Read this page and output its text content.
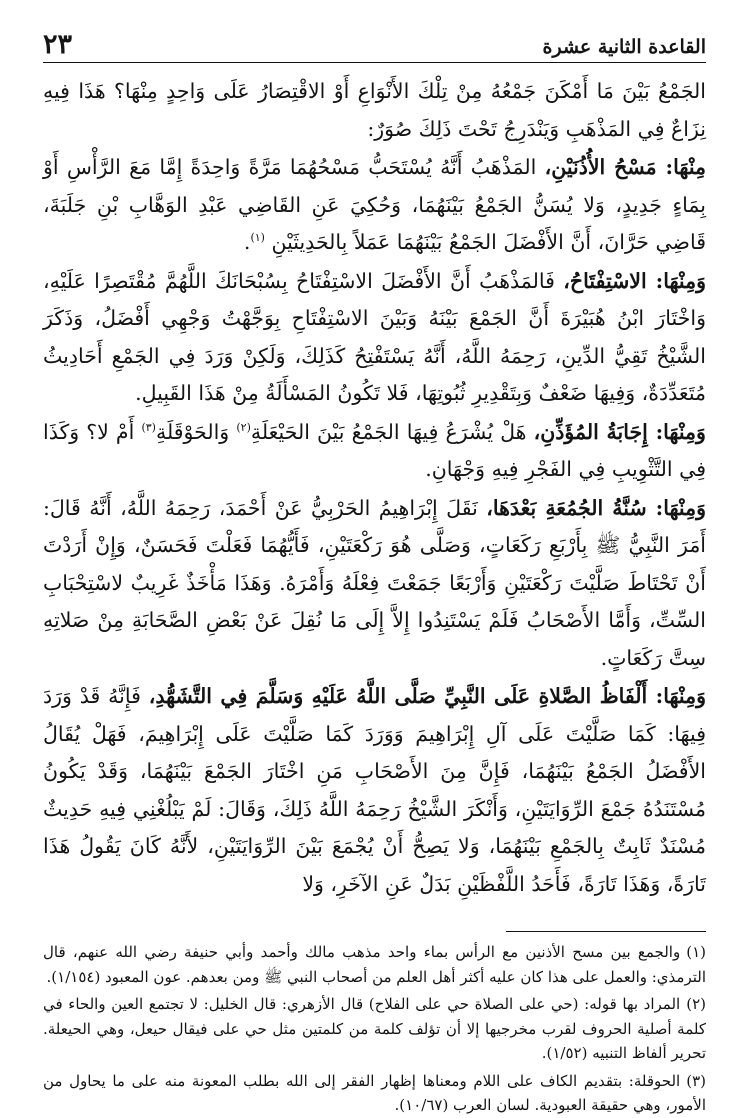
٢٣	القاعدة الثانية عشرة

الجَمْعُ بَيْنَ مَا أَمْكَنَ جَمْعُهُ مِنْ تِلْكَ الأَنْوَاعِ أَوْ الاقْتِصَارُ عَلَى وَاحِدٍ مِنْهَا؟ هَذَا فِيهِ نِزَاعٌ فِي المَذْهَبِ وَيَنْدَرِجُ تَحْتَ ذَلِكَ صُوَرٌ:

مِنْهَا: مَسْحُ الأُذُنَيْنِ، المَذْهَبُ أَنَّهُ يُسْتَحَبُّ مَسْحُهُمَا مَرَّةً وَاحِدَةً إِمَّا مَعَ الرَّأْسِ أَوْ بِمَاءٍ جَدِيدٍ، وَلا يُسَنُّ الجَمْعُ بَيْنَهُمَا، وَحُكِيَ عَنِ القَاضِي عَبْدِ الوَهَّابِ بْنِ جَلَبَةَ، قَاضِي حَرَّانَ، أَنَّ الأَفْضَلَ الجَمْعُ بَيْنَهُمَا عَمَلاً بِالحَدِيثَيْنِ $^{(١)}$.

وَمِنْهَا: الاسْتِفْتَاحُ، فَالمَذْهَبُ أَنَّ الأَفْضَلَ الاسْتِفْتَاحُ بِسُبْحَانَكَ اللَّهُمَّ مُقْتَصِرًا عَلَيْهِ، وَاخْتَارَ ابْنُ هُبَيْرَةَ أَنَّ الجَمْعَ بَيْنَهُ وَبَيْنَ الاسْتِفْتَاحِ بِوَجَّهْتُ وَجْهِي أَفْضَلُ، وَذَكَرَ الشَّيْخُ تَقِيُّ الدِّينِ، رَحِمَهُ اللَّهُ، أَنَّهُ يَسْتَفْتِحُ كَذَلِكَ، وَلَكِنْ وَرَدَ فِي الجَمْعِ أَحَادِيثُ مُتَعَدِّدَةٌ، وَفِيهَا ضَعْفٌ وَبِتَقْدِيرِ ثُبُوتِهَا، فَلا تَكُونُ المَسْأَلَةُ مِنْ هَذَا القَبِيلِ.

وَمِنْهَا: إِجَابَةُ المُؤَذِّنِ، هَلْ يُشْرَعُ فِيهَا الجَمْعُ بَيْنَ الحَيْعَلَةِ$^{(٢)}$ وَالحَوْقَلَةِ$^{(٣)}$ أَمْ لا؟ وَكَذَا فِي التَّثْوِيبِ فِي الفَجْرِ فِيهِ وَجْهَانِ.

وَمِنْهَا: سُنَّةُ الجُمُعَةِ بَعْدَهَا، نَقَلَ إِبْرَاهِيمُ الحَرْبِيُّ عَنْ أَحْمَدَ، رَحِمَهُ اللَّهُ، أَنَّهُ قَالَ: أَمَرَ النَّبِيُّ ﷺ بِأَرْبَعِ رَكَعَاتٍ، وَصَلَّى هُوَ رَكْعَتَيْنِ، فَأَيُّهُمَا فَعَلْتَ فَحَسَنٌ، وَإِنْ أَرَدْتَ أَنْ تَحْتَاطَ صَلَّيْتَ رَكْعَتَيْنِ وَأَرْبَعًا جَمَعْتَ فِعْلَهُ وَأَمْرَهُ. وَهَذَا مَأْخَذٌ غَرِيبٌ لاسْتِحْبَابِ السِّتِّ، وَأَمَّا الأَصْحَابُ فَلَمْ يَسْتَنِدُوا إِلاَّ إِلَى مَا نُقِلَ عَنْ بَعْضِ الصَّحَابَةِ مِنْ صَلاتِهِ سِتَّ رَكَعَاتٍ.

وَمِنْهَا: أَلْفَاظُ الصَّلاةِ عَلَى النَّبِيِّ صَلَّى اللَّهُ عَلَيْهِ وَسَلَّمَ فِي التَّشَهُّدِ، فَإِنَّهُ قَدْ وَرَدَ فِيهَا: كَمَا صَلَّيْتَ عَلَى آلِ إِبْرَاهِيمَ وَوَرَدَ كَمَا صَلَّيْتَ عَلَى إِبْرَاهِيمَ، فَهَلْ يُقَالُ الأَفْضَلُ الجَمْعُ بَيْنَهُمَا، فَإِنَّ مِنَ الأَصْحَابِ مَنِ اخْتَارَ الجَمْعَ بَيْنَهُمَا، وَقَدْ يَكُونُ مُسْتَنَدُهُ جَمْعَ الرِّوَايَتَيْنِ، وَأَنْكَرَ الشَّيْخُ رَحِمَهُ اللَّهُ ذَلِكَ، وَقَالَ: لَمْ يَبْلُغْنِي فِيهِ حَدِيثٌ مُسْنَدٌ ثَابِتٌ بِالجَمْعِ بَيْنَهُمَا، وَلا يَصِحُّ أَنْ يُجْمَعَ بَيْنَ الرِّوَايَتَيْنِ، لأَنَّهُ كَانَ يَقُولُ هَذَا تَارَةً، وَهَذَا تَارَةً، فَأَحَدُ اللَّفْظَيْنِ بَدَلٌ عَنِ الآخَرِ، وَلا

(١)والجمع بين مسح الأذنين مع الرأس بماء واحد مذهب مالك وأحمد وأبي حنيفة رضي الله عنهم، قال الترمذي: والعمل على هذا كان عليه أكثر أهل العلم من أصحاب النبي ﷺ ومن بعدهم. عون المعبود (١/١٥٤).

(٢)المراد بها قوله: (حي على الصلاة حي على الفلاح) قال الأزهري: قال الخليل: لا تجتمع العين والحاء في كلمة أصلية الحروف لقرب مخرجيها إلا أن تؤلف كلمة من كلمتين مثل حي على فيقال حيعل، وهي الحيعلة. تحرير ألفاظ التنبيه (١/٥٢).

(٣)الحوقلة: بتقديم الكاف على اللام ومعناها إظهار الفقر إلى الله بطلب المعونة منه على ما يحاول من الأمور، وهي حقيقة العبودية. لسان العرب (١٠/٦٧).
